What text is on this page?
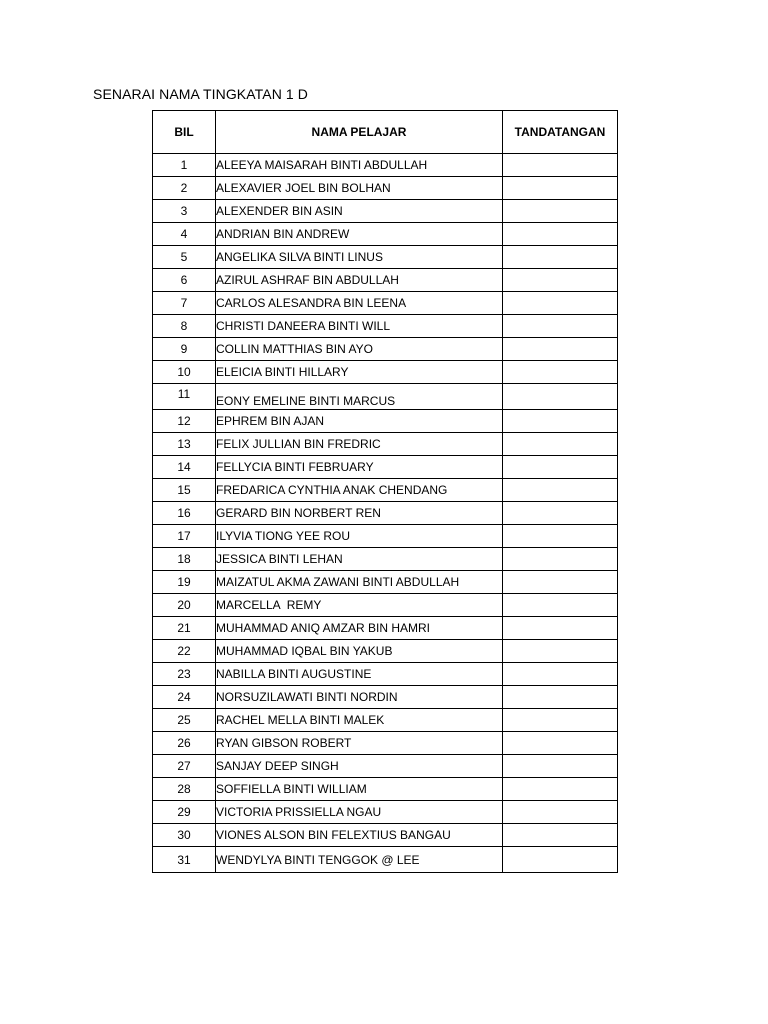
SENARAI NAMA TINGKATAN 1 D
BIL	NAMA PELAJAR	TANDATANGAN
1	ALEEYA MAISARAH BINTI ABDULLAH	
2	ALEXAVIER JOEL BIN BOLHAN	
3	ALEXENDER BIN ASIN	
4	ANDRIAN BIN ANDREW	
5	ANGELIKA SILVA BINTI LINUS	
6	AZIRUL ASHRAF BIN ABDULLAH	
7	CARLOS ALESANDRA BIN LEENA	
8	CHRISTI DANEERA BINTI WILL	
9	COLLIN MATTHIAS BIN AYO	
10	ELEICIA BINTI HILLARY	
11	EONY EMELINE BINTI MARCUS	
12	EPHREM BIN AJAN	
13	FELIX JULLIAN BIN FREDRIC	
14	FELLYCIA BINTI FEBRUARY	
15	FREDARICA CYNTHIA ANAK CHENDANG	
16	GERARD BIN NORBERT REN	
17	ILYVIA TIONG YEE ROU	
18	JESSICA BINTI LEHAN	
19	MAIZATUL AKMA ZAWANI BINTI ABDULLAH	
20	MARCELLA  REMY	
21	MUHAMMAD ANIQ AMZAR BIN HAMRI	
22	MUHAMMAD IQBAL BIN YAKUB	
23	NABILLA BINTI AUGUSTINE	
24	NORSUZILAWATI BINTI NORDIN	
25	RACHEL MELLA BINTI MALEK	
26	RYAN GIBSON ROBERT	
27	SANJAY DEEP SINGH	
28	SOFFIELLA BINTI WILLIAM	
29	VICTORIA PRISSIELLA NGAU	
30	VIONES ALSON BIN FELEXTIUS BANGAU	
31	WENDYLYA BINTI TENGGOK @ LEE	
